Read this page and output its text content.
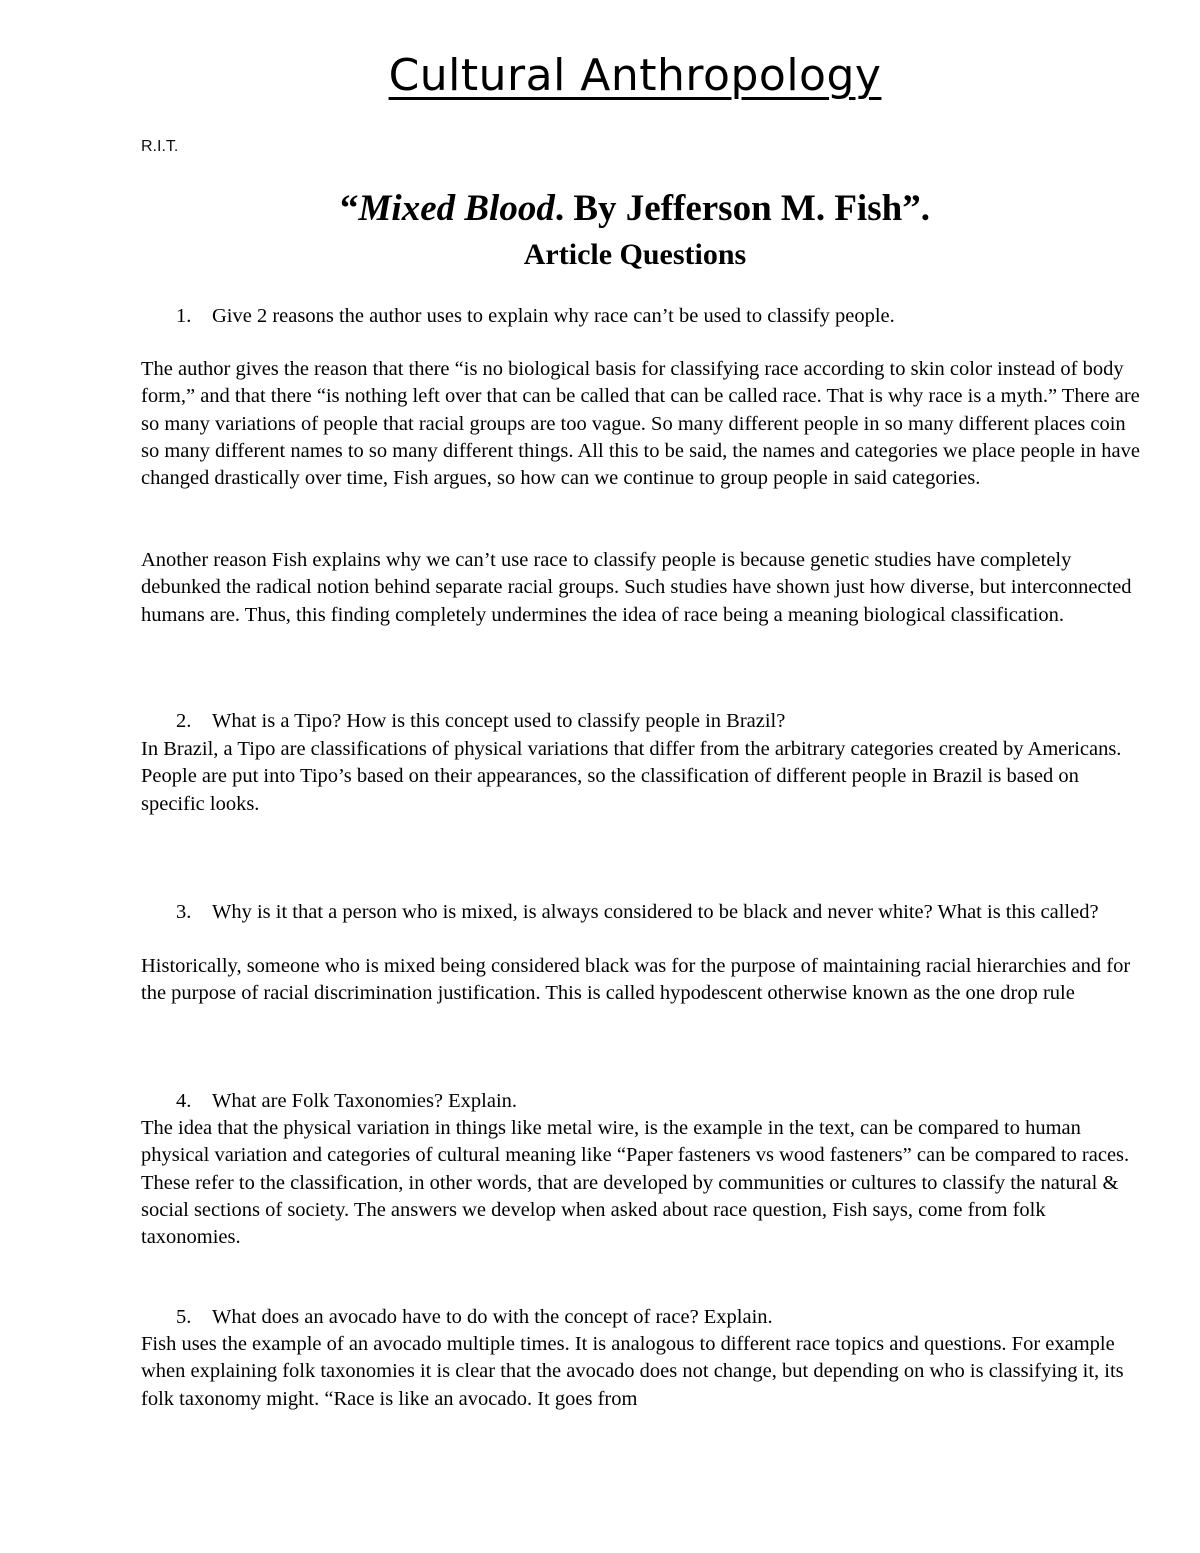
Cultural Anthropology
R.I.T.
“Mixed Blood. By Jefferson M. Fish”.
Article Questions
1.	Give 2 reasons the author uses to explain why race can’t be used to classify people.

The author gives the reason that there “is no biological basis for classifying race according to skin color instead of body form,” and that there “is nothing left over that can be called that can be called race. That is why race is a myth.” There are so many variations of people that racial groups are too vague. So many different people in so many different places coin so many different names to so many different things. All this to be said, the names and categories we place people in have changed drastically over time, Fish argues, so how can we continue to group people in said categories.

Another reason Fish explains why we can’t use race to classify people is because genetic studies have completely debunked the radical notion behind separate racial groups. Such studies have shown just how diverse, but interconnected humans are. Thus, this finding completely undermines the idea of race being a meaning biological classification.

2.	What is a Tipo? How is this concept used to classify people in Brazil?

In Brazil, a Tipo are classifications of physical variations that differ from the arbitrary categories created by Americans. People are put into Tipo’s based on their appearances, so the classification of different people in Brazil is based on specific looks.

3.	Why is it that a person who is mixed, is always considered to be black and never white? What is this called?

Historically, someone who is mixed being considered black was for the purpose of maintaining racial hierarchies and for the purpose of racial discrimination justification. This is called hypodescent otherwise known as the one drop rule

4.	What are Folk Taxonomies? Explain.

The idea that the physical variation in things like metal wire, is the example in the text, can be compared to human physical variation and categories of cultural meaning like “Paper fasteners vs wood fasteners” can be compared to races. These refer to the classification, in other words, that are developed by communities or cultures to classify the natural & social sections of society. The answers we develop when asked about race question, Fish says, come from folk taxonomies.

5.	What does an avocado have to do with the concept of race? Explain.

Fish uses the example of an avocado multiple times. It is analogous to different race topics and questions. For example when explaining folk taxonomies it is clear that the avocado does not change, but depending on who is classifying it, its folk taxonomy might. “Race is like an avocado. It goes from
